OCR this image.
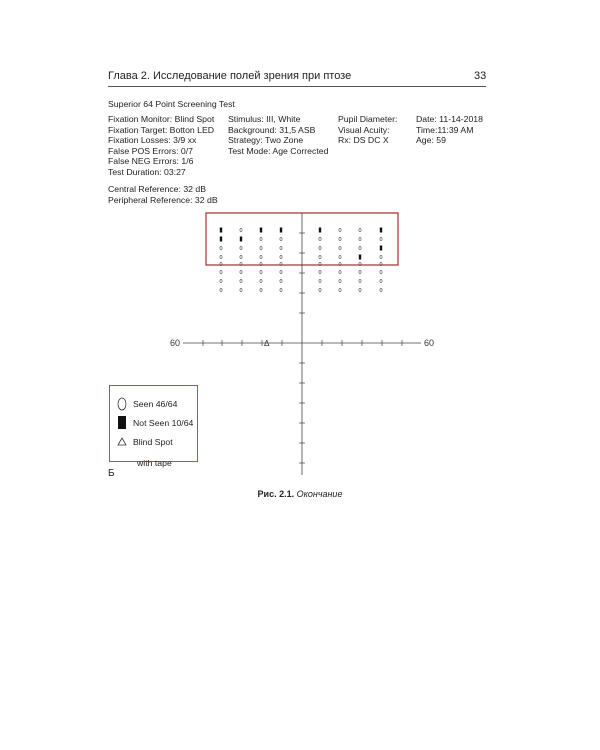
Глава 2. Исследование полей зрения при птозе	33
Superior 64 Point Screening Test
Fixation Monitor: Blind Spot
Fixation Target: Botton LED
Fixation Losses: 3/9 xx
False POS Errors: 0/7
False NEG Errors: 1/6
Test Duration: 03:27
Stimulus: III, White
Background: 31,5 ASB
Strategy: Two Zone
Test Mode: Age Corrected
Pupil Diameter:
Visual Acuity:
Rx: DS DC X
Date: 11-14-2018
Time:11:39 AM
Age: 59
Central Reference: 32 dB
Peripheral Reference: 32 dB
60	60
Δ
Seen 46/64
Not Seen 10/64
Blind Spot
with tape
Б
Рис. 2.1. Окончание
